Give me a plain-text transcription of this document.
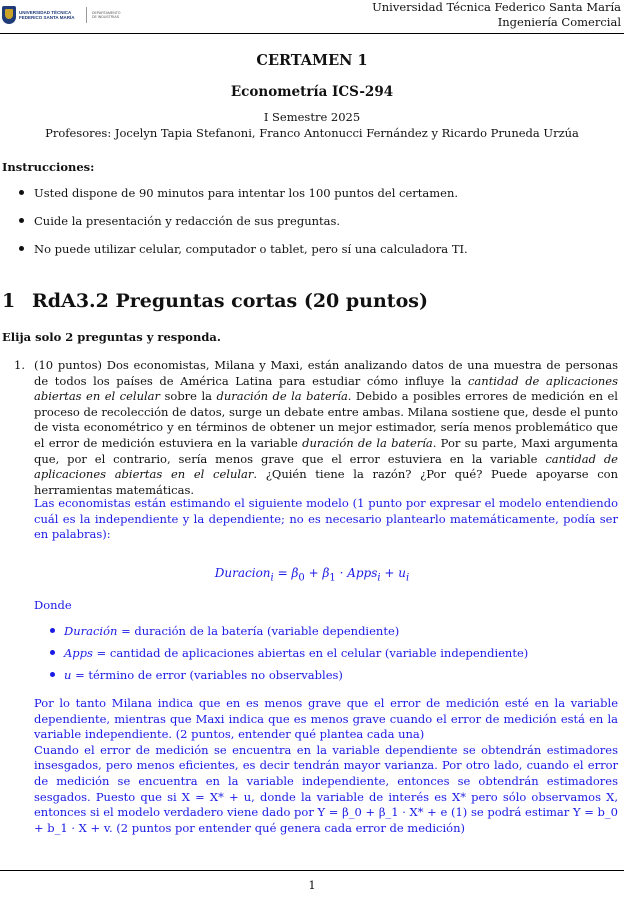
UNIVERSIDAD TÉCNICA FEDERICO SANTA MARÍA
DEPARTAMENTO DE INDUSTRIAS
Universidad Técnica Federico Santa María
Ingeniería Comercial
CERTAMEN 1
Econometría ICS-294
I Semestre 2025
Profesores: Jocelyn Tapia Stefanoni, Franco Antonucci Fernández y Ricardo Pruneda Urzúa
Instrucciones:
Usted dispone de 90 minutos para intentar los 100 puntos del certamen.
Cuide la presentación y redacción de sus preguntas.
No puede utilizar celular, computador o tablet, pero sí una calculadora TI.
1 RdA3.2 Preguntas cortas (20 puntos)
Elija solo 2 preguntas y responda.
1. (10 puntos) Dos economistas, Milana y Maxi, están analizando datos de una muestra de personas de todos los países de América Latina para estudiar cómo influye la cantidad de aplicaciones abiertas en el celular sobre la duración de la batería. Debido a posibles errores de medición en el proceso de recolección de datos, surge un debate entre ambas. Milana sostiene que, desde el punto de vista econométrico y en términos de obtener un mejor estimador, sería menos problemático que el error de medición estuviera en la variable duración de la batería. Por su parte, Maxi argumenta que, por el contrario, sería menos grave que el error estuviera en la variable cantidad de aplicaciones abiertas en el celular. ¿Quién tiene la razón? ¿Por qué? Puede apoyarse con herramientas matemáticas.
Las economistas están estimando el siguiente modelo (1 punto por expresar el modelo entendiendo cuál es la independiente y la dependiente; no es necesario plantearlo matemáticamente, podía ser en palabras):
Duracion$_i$ = $\beta_0 + \beta_1$ · Apps$_i$ + $u_i$
Donde
Duración = duración de la batería (variable dependiente)
Apps = cantidad de aplicaciones abiertas en el celular (variable independiente)
u = término de error (variables no observables)

Por lo tanto Milana indica que en es menos grave que el error de medición esté en la variable dependiente, mientras que Maxi indica que es menos grave cuando el error de medición está en la variable independiente. (2 puntos, entender qué plantea cada una)

Cuando el error de medición se encuentra en la variable dependiente se obtendrán estimadores insesgados, pero menos eficientes, es decir tendrán mayor varianza. Por otro lado, cuando el error de medición se encuentra en la variable independiente, entonces se obtendrán estimadores sesgados. Puesto que si X = X* + u, donde la variable de interés es X* pero sólo observamos X, entonces si el modelo verdadero viene dado por Y = β_0 + β_1 · X* + e (1) se podrá estimar Y = b_0 + b_1 · X + v. (2 puntos por entender qué genera cada error de medición)

1
